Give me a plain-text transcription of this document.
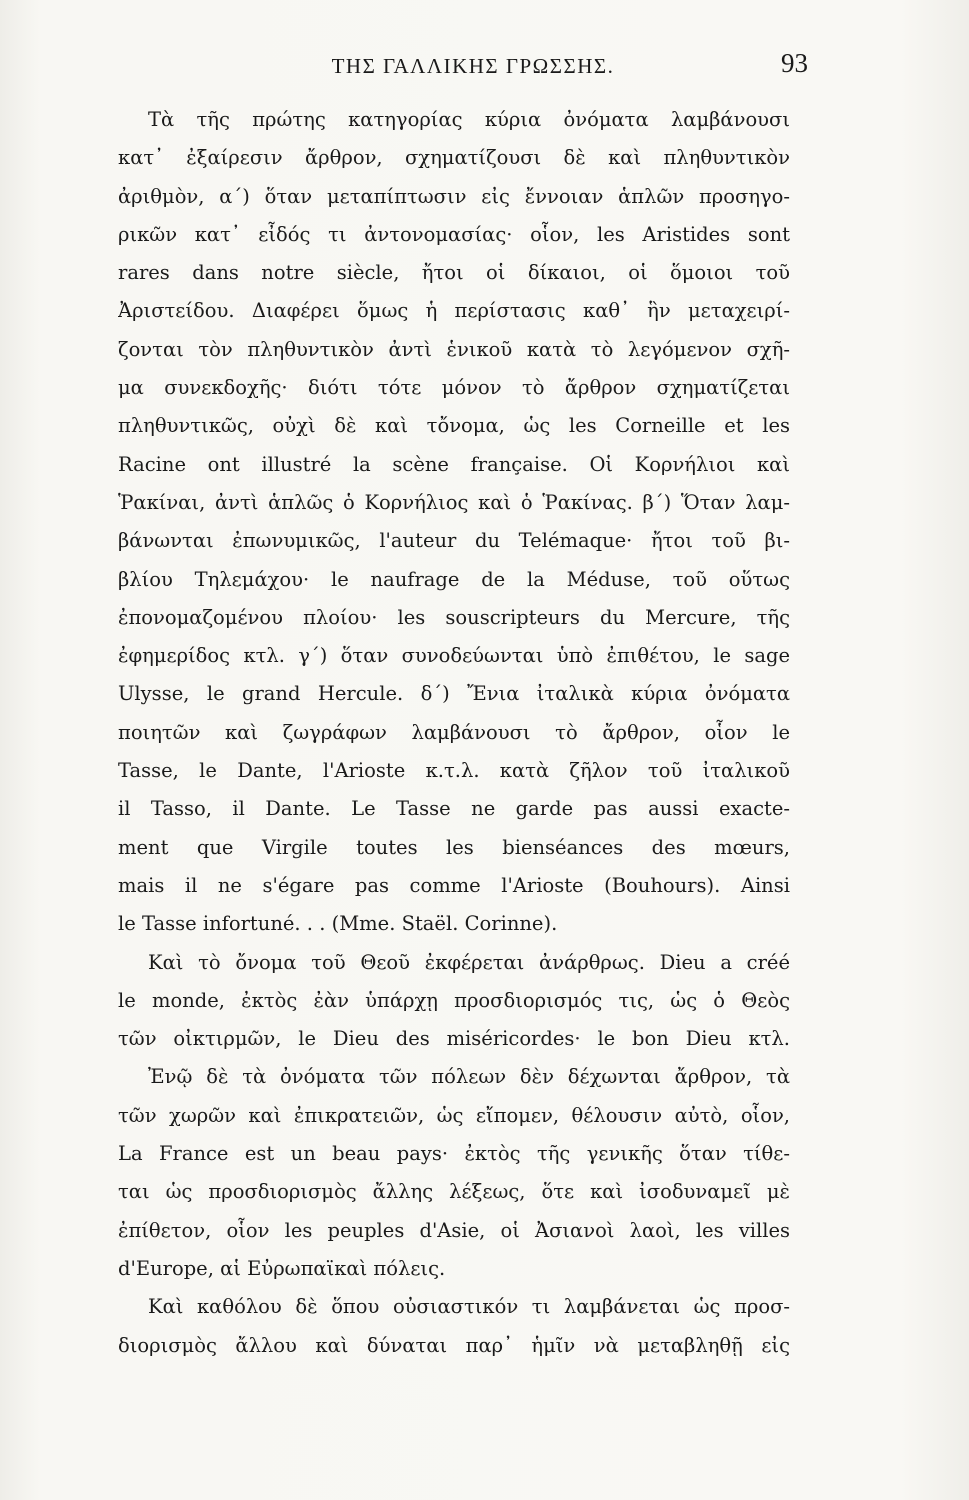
ΤΗΣ ΓΑΛΛΙΚΗΣ ΓΡΩΣΣΗΣ.	93
Τὰ τῆς πρώτης κατηγορίας κύρια ὀνόματα λαμβάνουσι
κατ᾽ ἐξαίρεσιν ἄρθρον, σχηματίζουσι δὲ καὶ πληθυντικὸν
ἀριθμὸν, α΄) ὅταν μεταπίπτωσιν εἰς ἔννοιαν ἁπλῶν προσηγο-
ρικῶν κατ᾽ εἶδός τι ἀντονομασίας· οἷον, les Aristides sont
rares dans notre siècle, ἤτοι οἱ δίκαιοι, οἱ ὅμοιοι τοῦ
Ἀριστείδου. Διαφέρει ὅμως ἡ περίστασις καθ᾽ ἣν μεταχειρί-
ζονται τὸν πληθυντικὸν ἀντὶ ἑνικοῦ κατὰ τὸ λεγόμενον σχῆ-
μα συνεκδοχῆς· διότι τότε μόνον τὸ ἄρθρον σχηματίζεται
πληθυντικῶς, οὐχὶ δὲ καὶ τὄνομα, ὡς les Corneille et les
Racine ont illustré la scène française. Οἱ Κορνήλιοι καὶ
Ῥακίναι, ἀντὶ ἁπλῶς ὁ Κορνήλιος καὶ ὁ Ῥακίνας. β΄) Ὅταν λαμ-
βάνωνται ἐπωνυμικῶς, l'auteur du Telémaque· ἤτοι τοῦ βι-
βλίου Τηλεμάχου· le naufrage de la Méduse, τοῦ οὕτως
ἐπονομαζομένου πλοίου· les souscripteurs du Mercure, τῆς
ἐφημερίδος κτλ. γ΄) ὅταν συνοδεύωνται ὑπὸ ἐπιθέτου, le sage
Ulysse, le grand Hercule. δ΄) Ἔνια ἰταλικὰ κύρια ὀνόματα
ποιητῶν καὶ ζωγράφων λαμβάνουσι τὸ ἄρθρον, οἷον le
Tasse, le Dante, l'Arioste κ.τ.λ. κατὰ ζῆλον τοῦ ἰταλικοῦ
il Tasso, il Dante. Le Tasse ne garde pas aussi exacte-
ment que Virgile toutes les bienséances des mœurs,
mais il ne s'égare pas comme l'Arioste (Bouhours). Ainsi
le Tasse infortuné. . . (Mme. Staël. Corinne).
Καὶ τὸ ὄνομα τοῦ Θεοῦ ἐκφέρεται ἀνάρθρως. Dieu a créé
le monde, ἐκτὸς ἐὰν ὑπάρχῃ προσδιορισμός τις, ὡς ὁ Θεὸς
τῶν οἰκτιρμῶν, le Dieu des miséricordes· le bon Dieu κτλ.
Ἐνῷ δὲ τὰ ὀνόματα τῶν πόλεων δὲν δέχωνται ἄρθρον, τὰ
τῶν χωρῶν καὶ ἐπικρατειῶν, ὡς εἴπομεν, θέλουσιν αὐτὸ, οἷον,
La France est un beau pays· ἐκτὸς τῆς γενικῆς ὅταν τίθε-
ται ὡς προσδιορισμὸς ἄλλης λέξεως, ὅτε καὶ ἰσοδυναμεῖ μὲ
ἐπίθετον, οἷον les peuples d'Asie, οἱ Ἀσιανοὶ λαοὶ, les villes
d'Europe, αἱ Εὐρωπαϊκαὶ πόλεις.
Καὶ καθόλου δὲ ὅπου οὐσιαστικόν τι λαμβάνεται ὡς προσ-
διορισμὸς ἄλλου καὶ δύναται παρ᾽ ἡμῖν νὰ μεταβληθῇ εἰς
